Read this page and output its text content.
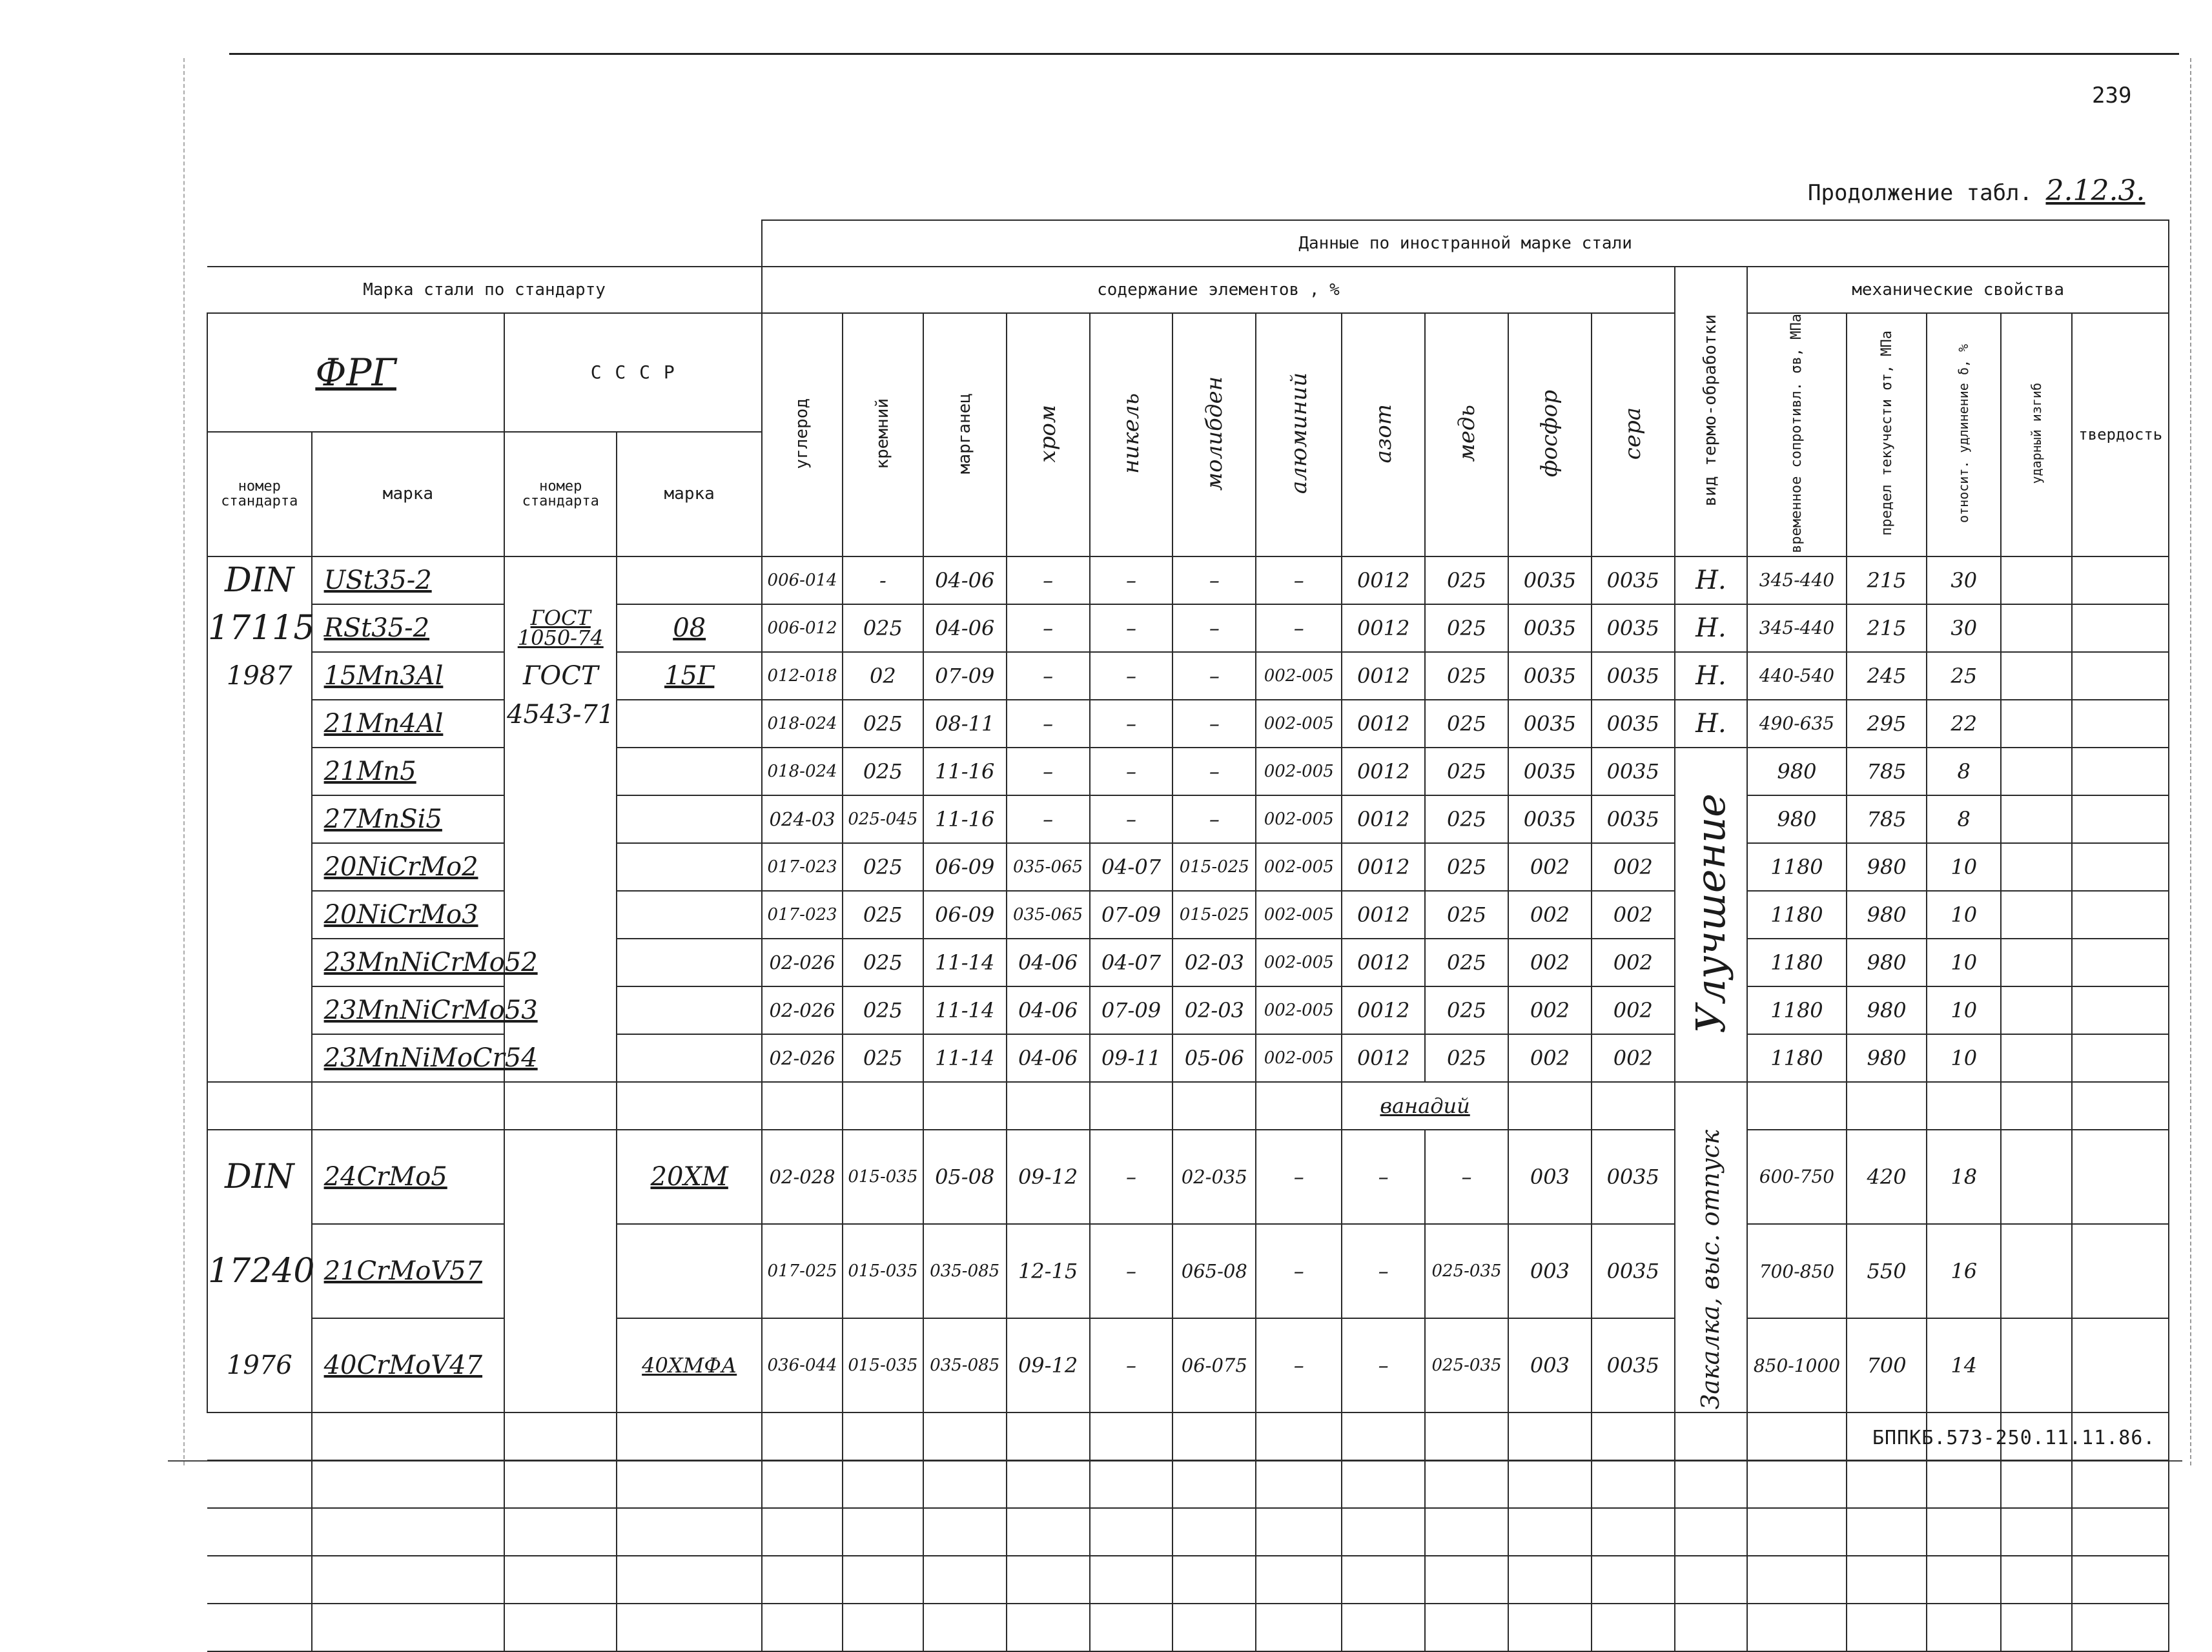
239
Продолжение табл. 2.12.3.
				Данные по иностранной марке стали																
Марка стали по стандарту				содержание элементов , %											вид термо-обработки	механические свойства				
ФРГ		С С С Р		углерод	кремний	марганец	хром	никель	молибден	алюминий	азот	медь	фосфор	сера		временное сопротивл. σв, МПа	предел текучести σт, МПа	относит. удлинение δ, %	ударный изгиб	твердость
номер стандарта	марка	номер стандарта	марка																	
DIN	USt35-2			006-014	-	04-06	–	–	–	–	0012	025	0035	0035	Н.	345-440	215	30		
17115	RSt35-2	ГОСТ 1050-74	08	006-012	025	04-06	–	–	–	–	0012	025	0035	0035	Н.	345-440	215	30		
1987	15Mn3Al	ГОСТ	15Г	012-018	02	07-09	–	–	–	002-005	0012	025	0035	0035	Н.	440-540	245	25		
	21Mn4Al	4543-71		018-024	025	08-11	–	–	–	002-005	0012	025	0035	0035	Н.	490-635	295	22		
	21Mn5			018-024	025	11-16	–	–	–	002-005	0012	025	0035	0035	Улучшение	980	785	8		
	27MnSi5			024-03	025-045	11-16	–	–	–	002-005	0012	025	0035	0035		980	785	8		
	20NiCrMo2			017-023	025	06-09	035-065	04-07	015-025	002-005	0012	025	002	002		1180	980	10		
	20NiCrMo3			017-023	025	06-09	035-065	07-09	015-025	002-005	0012	025	002	002		1180	980	10		
	23MnNiCrMo52			02-026	025	11-14	04-06	04-07	02-03	002-005	0012	025	002	002		1180	980	10		
	23MnNiCrMo53			02-026	025	11-14	04-06	07-09	02-03	002-005	0012	025	002	002		1180	980	10		
	23MnNiMoCr54			02-026	025	11-14	04-06	09-11	05-06	002-005	0012	025	002	002		1180	980	10		
											ванадий									
DIN	24CrMo5		20ХМ	02-028	015-035	05-08	09-12	–	02-035	–	–	–	003	0035	Закалка, выс. отпуск	600-750	420	18		
17240	21CrMoV57			017-025	015-035	035-085	12-15	–	065-08	–	–	025-035	003	0035		700-850	550	16		
1976	40CrMoV47		40ХМФА	036-044	015-035	035-085	09-12	–	06-075	–	–	025-035	003	0035		850-1000	700	14		

БППКБ.573-250.11.11.86.
